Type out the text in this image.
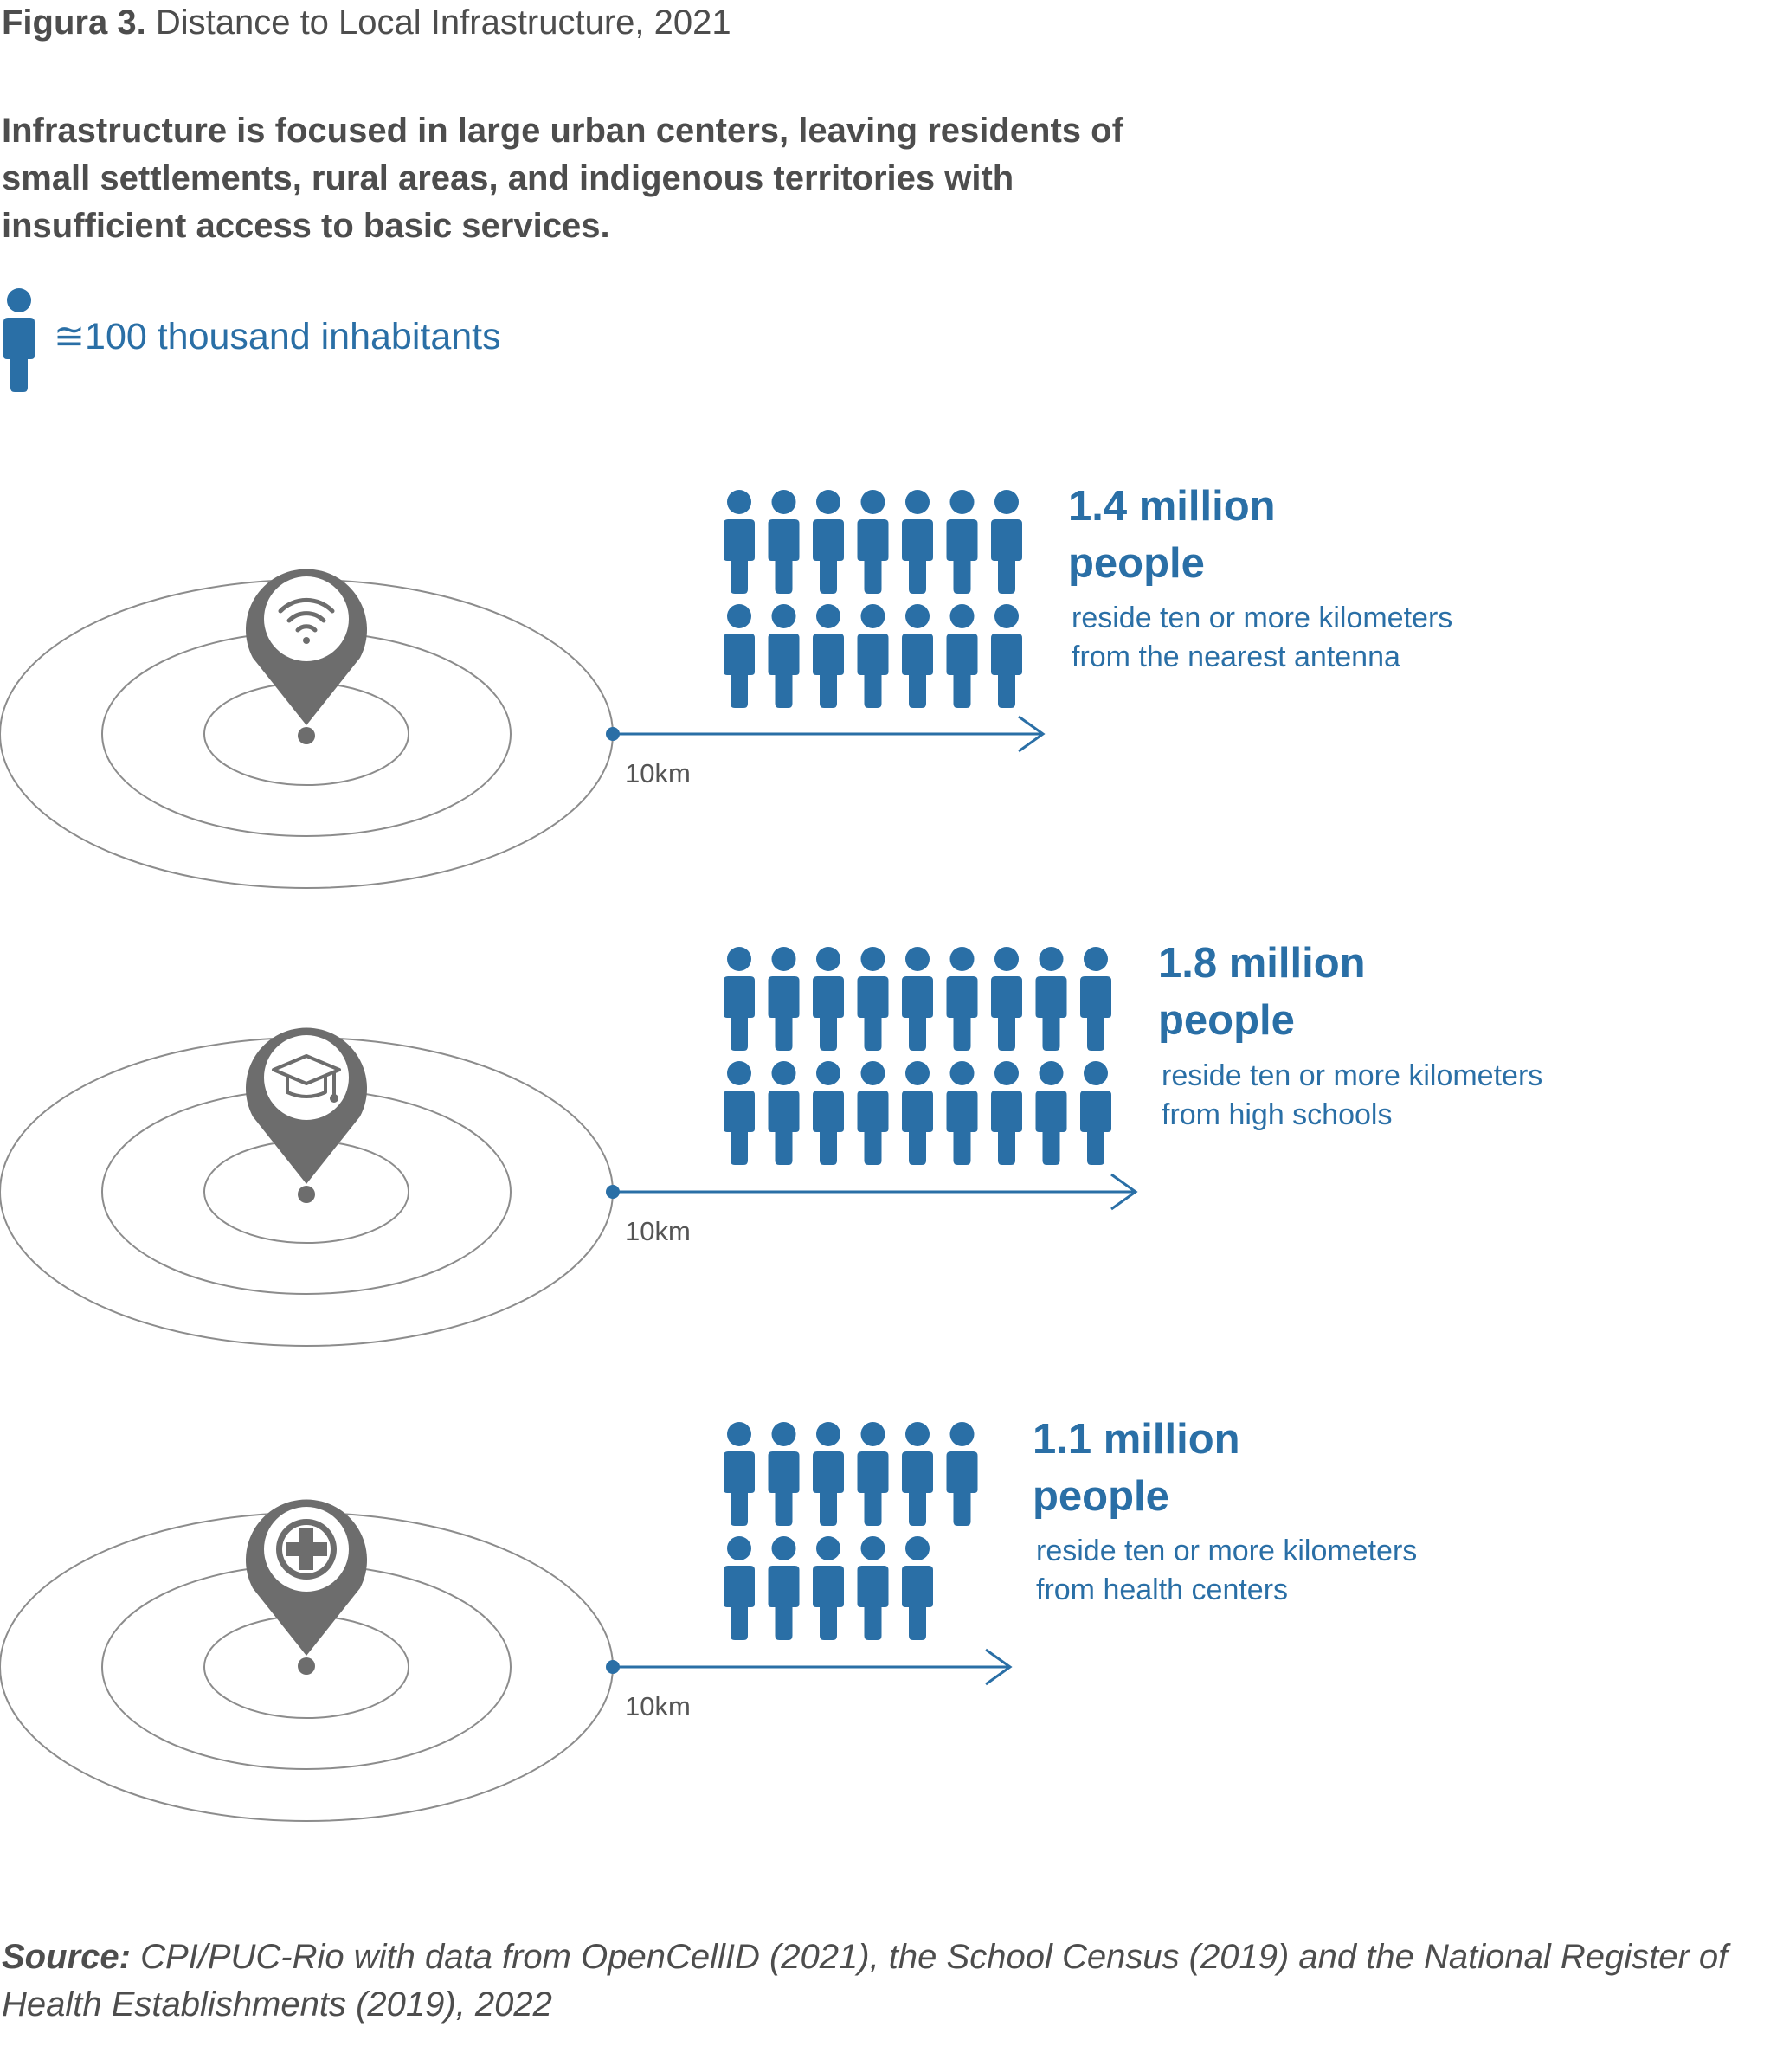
Figura 3. Distance to Local Infrastructure, 2021
Infrastructure is focused in large urban centers, leaving residents of small settlements, rural areas, and indigenous territories with insufficient access to basic services.
≅100 thousand inhabitants
1.4 million
people
reside ten or more kilometers
from the nearest antenna
10km
1.8 million
people
reside ten or more kilometers
from high schools
10km
1.1 million
people
reside ten or more kilometers
from health centers
10km
Source: CPI/PUC-Rio with data from OpenCellID (2021), the School Census (2019) and the National Register of Health Establishments (2019), 2022
